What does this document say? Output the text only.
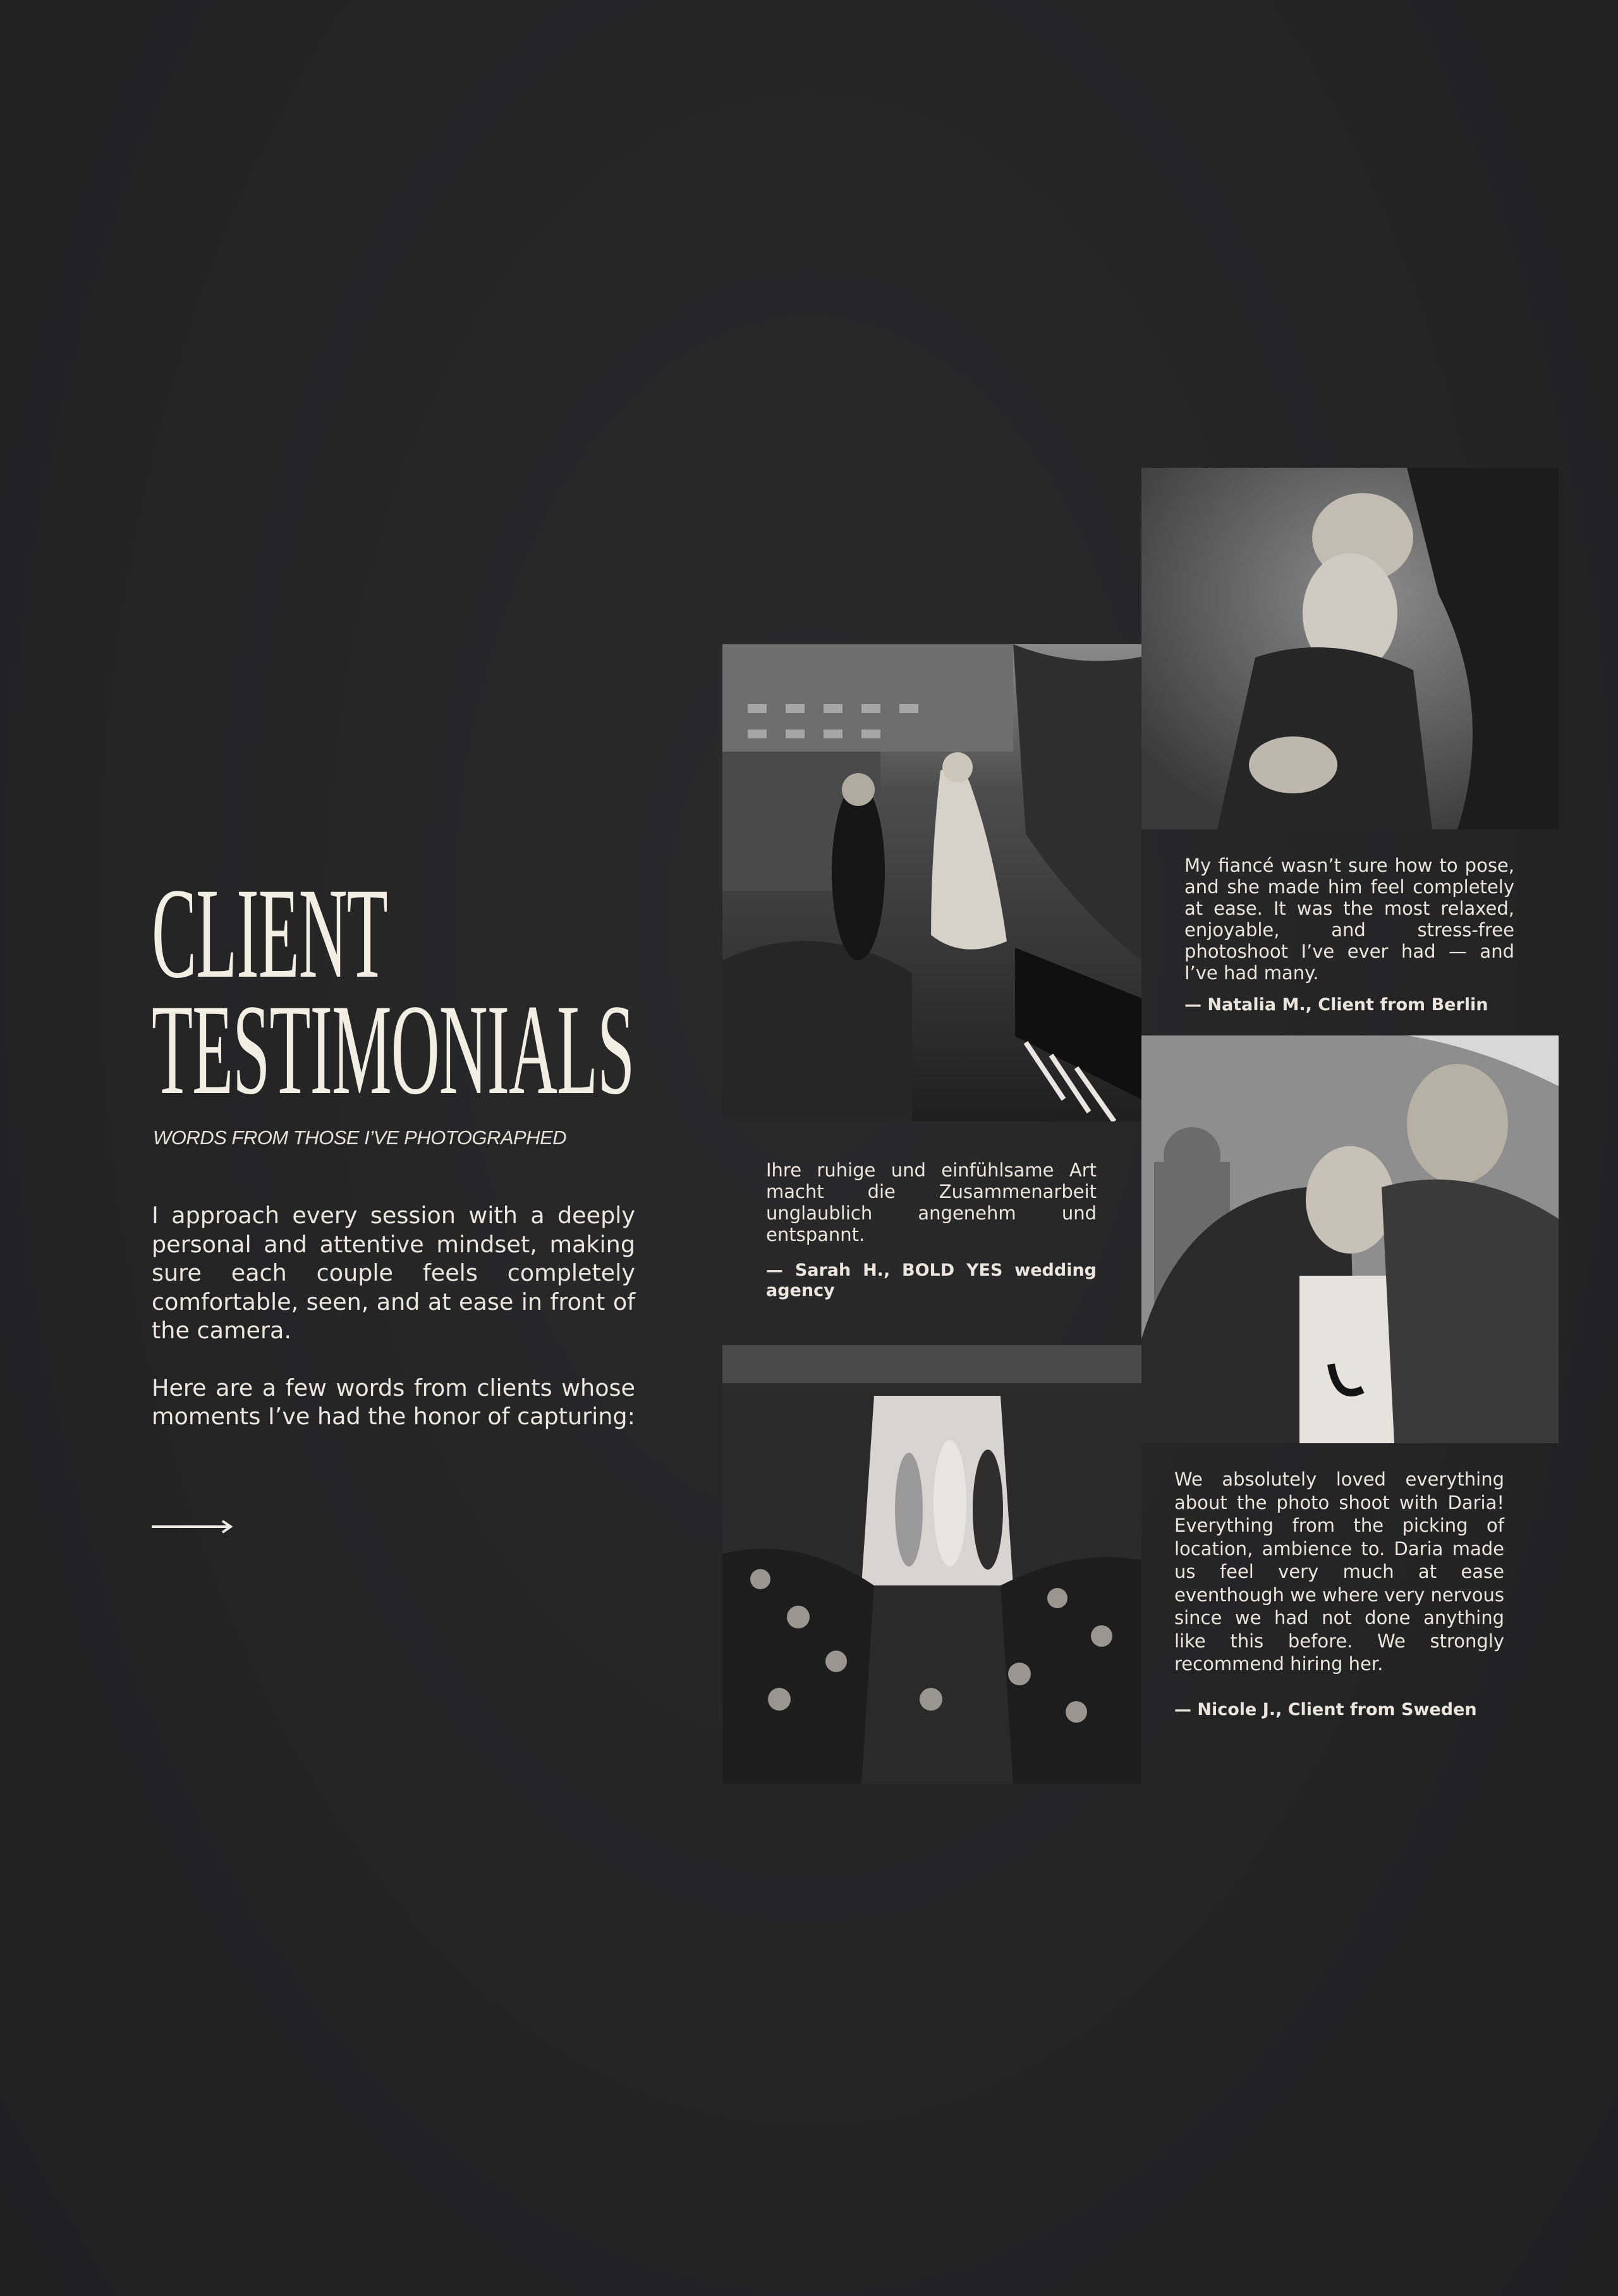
CLIENT
TESTIMONIALS

WORDS FROM THOSE I’VE PHOTOGRAPHED

I approach every session with a deeply personal and attentive mindset, making sure each couple feels completely comfortable, seen, and at ease in front of the camera.

Here are a few words from clients whose moments I’ve had the honor of capturing:

My fiancé wasn’t sure how to pose, and she made him feel completely at ease. It was the most relaxed, enjoyable, and stress-free photoshoot I’ve ever had — and I’ve had many.
— Natalia M., Client from Berlin
Ihre ruhige und einfühlsame Art macht die Zusammenarbeit unglaublich angenehm und entspannt.
— Sarah H., BOLD YES wedding agency
We absolutely loved everything about the photo shoot with Daria! Everything from the picking of location, ambience to. Daria made us feel very much at ease eventhough we where very nervous since we had not done anything like this before. We strongly recommend hiring her.
— Nicole J., Client from Sweden
